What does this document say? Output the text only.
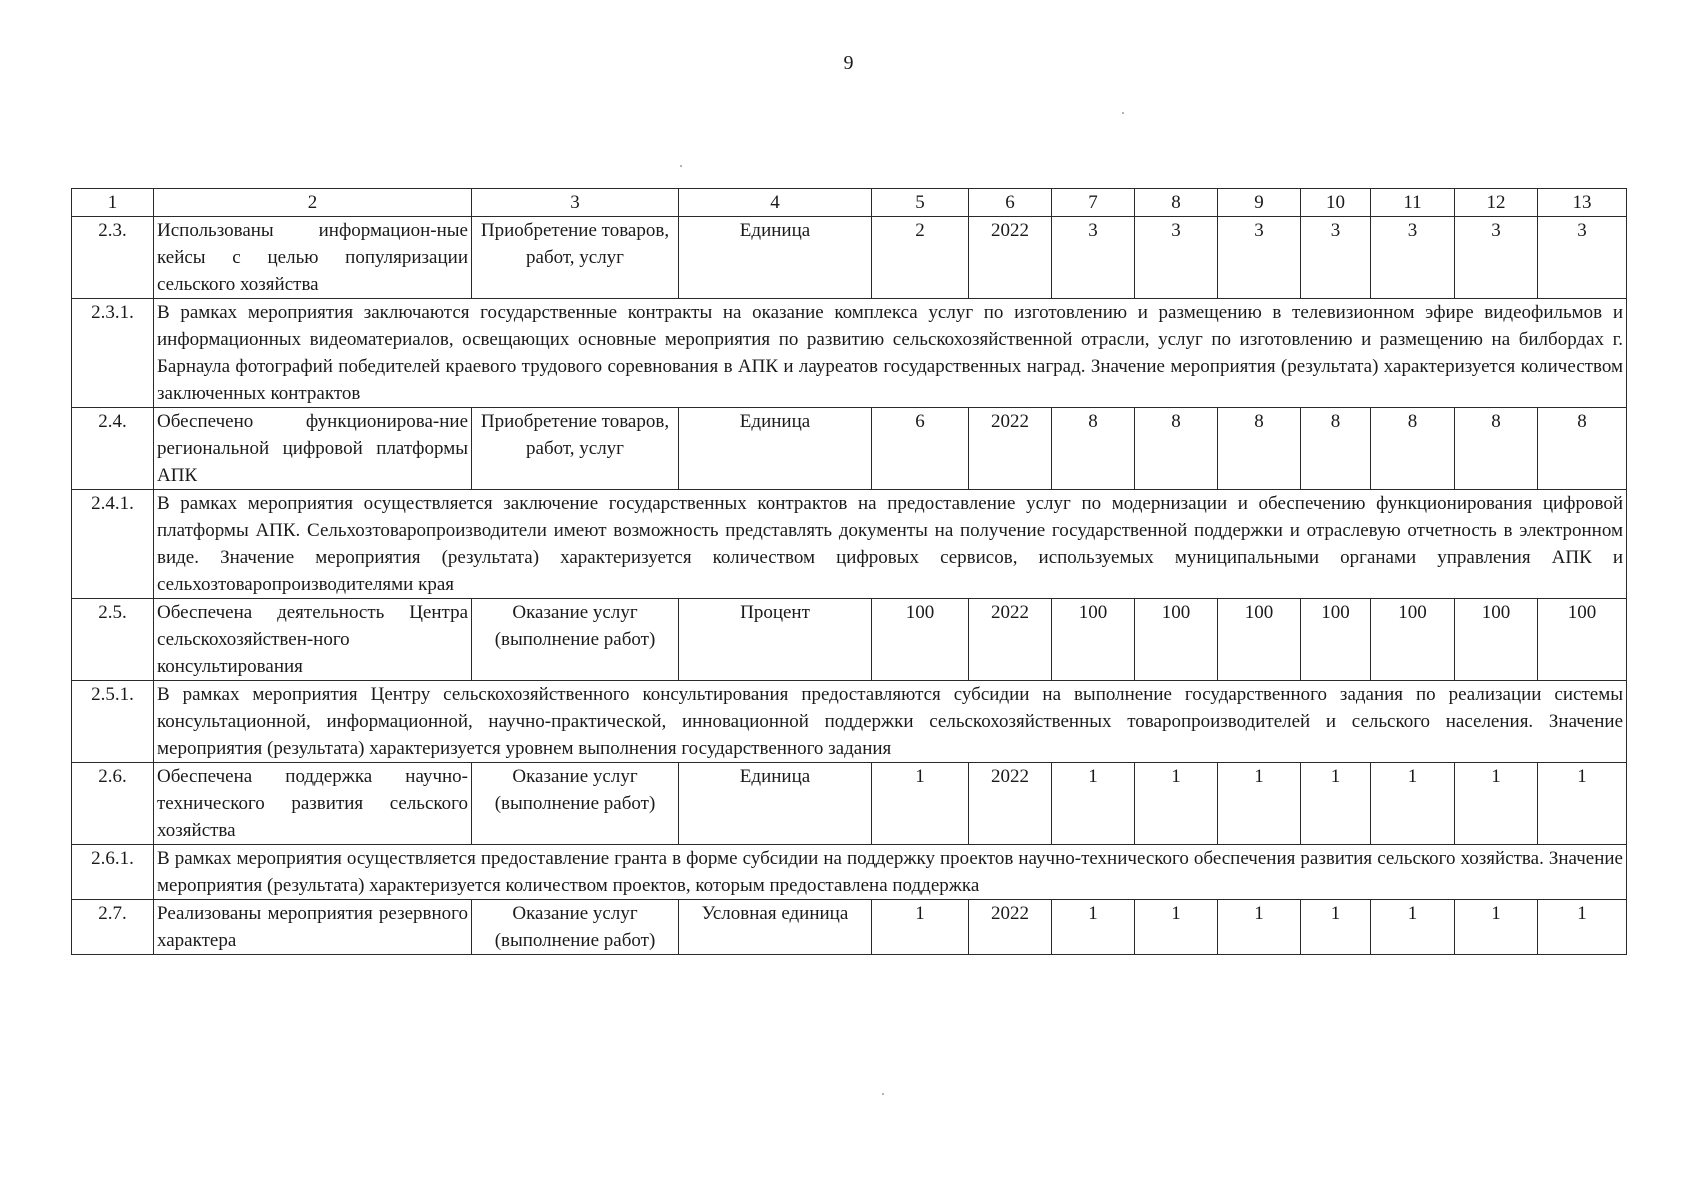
9
1	2	3	4	5	6	7	8	9	10	11	12	13
2.3.	Использованы информацион-ные кейсы с целью популяризации сельского хозяйства	Приобретение товаров, работ, услуг	Единица	2	2022	3	3	3	3	3	3	3
2.3.1.	В рамках мероприятия заключаются государственные контракты на оказание комплекса услуг по изготовлению и размещению в телевизионном эфире видеофильмов и информационных видеоматериалов, освещающих основные мероприятия по развитию сельскохозяйственной отрасли, услуг по изготовлению и размещению на билбордах г. Барнаула фотографий победителей краевого трудового соревнования в АПК и лауреатов государственных наград. Значение мероприятия (результата) характеризуется количеством заключенных контрактов											
2.4.	Обеспечено функционирова-ние региональной цифровой платформы АПК	Приобретение товаров, работ, услуг	Единица	6	2022	8	8	8	8	8	8	8
2.4.1.	В рамках мероприятия осуществляется заключение государственных контрактов на предоставление услуг по модернизации и обеспечению функционирования цифровой платформы АПК. Сельхозтоваропроизводители имеют возможность представлять документы на получение государственной поддержки и отраслевую отчетность в электронном виде. Значение мероприятия (результата) характеризуется количеством цифровых сервисов, используемых муниципальными органами управления АПК и сельхозтоваропроизводителями края											
2.5.	Обеспечена деятельность Центра сельскохозяйствен-ного консультирования	Оказание услуг (выполнение работ)	Процент	100	2022	100	100	100	100	100	100	100
2.5.1.	В рамках мероприятия Центру сельскохозяйственного консультирования предоставляются субсидии на выполнение государственного задания по реализации системы консультационной, информационной, научно-практической, инновационной поддержки сельскохозяйственных товаропроизводителей и сельского населения. Значение мероприятия (результата) характеризуется уровнем выполнения государственного задания											
2.6.	Обеспечена поддержка научно-технического развития сельского хозяйства	Оказание услуг (выполнение работ)	Единица	1	2022	1	1	1	1	1	1	1
2.6.1.	В рамках мероприятия осуществляется предоставление гранта в форме субсидии на поддержку проектов научно-технического обеспечения развития сельского хозяйства. Значение мероприятия (результата) характеризуется количеством проектов, которым предоставлена поддержка											
2.7.	Реализованы мероприятия резервного характера	Оказание услуг (выполнение работ)	Условная единица	1	2022	1	1	1	1	1	1	1
